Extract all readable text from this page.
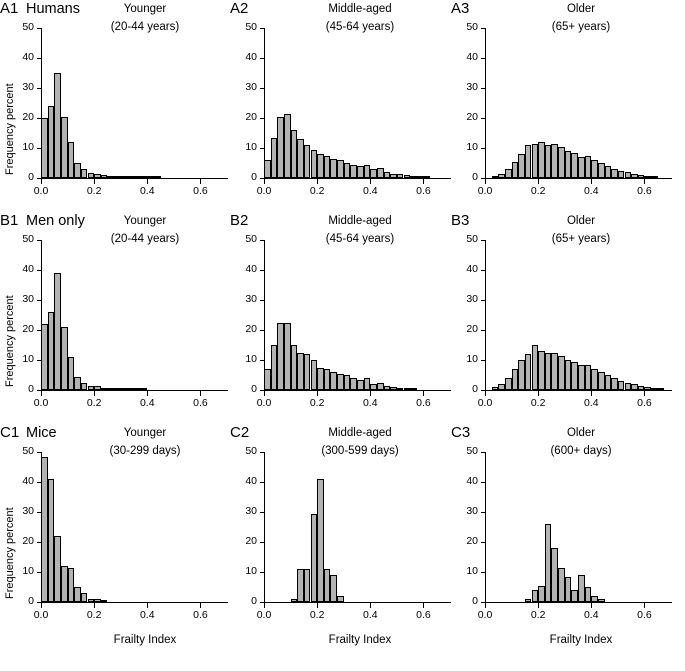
A1 Humans	Younger
(20-44 years)
Frequency percent
0
10
20
30
40
50
0.0	0.2	0.4	0.6
A2	Middle-aged
(45-64 years)
0
10
20
30
40
50
0.0	0.2	0.4	0.6
A3	Older
(65+ years)
0
10
20
30
40
50
0.0	0.2	0.4	0.6
B1 Men only	Younger
(20-44 years)
Frequency percent
0
10
20
30
40
50
0.0	0.2	0.4	0.6
B2	Middle-aged
(45-64 years)
0
10
20
30
40
50
0.0	0.2	0.4	0.6
B3	Older
(65+ years)
0
10
20
30
40
50
0.0	0.2	0.4	0.6
C1 Mice	Younger
(30-299 days)
Frequency percent
0
10
20
30
40
50
0.0	0.2	0.4	0.6
Frailty Index
C2	Middle-aged
(300-599 days)
0
10
20
30
40
50
0.0	0.2	0.4	0.6
Frailty Index
C3	Older
(600+ days)
0
10
20
30
40
50
0.0	0.2	0.4	0.6
Frailty Index
